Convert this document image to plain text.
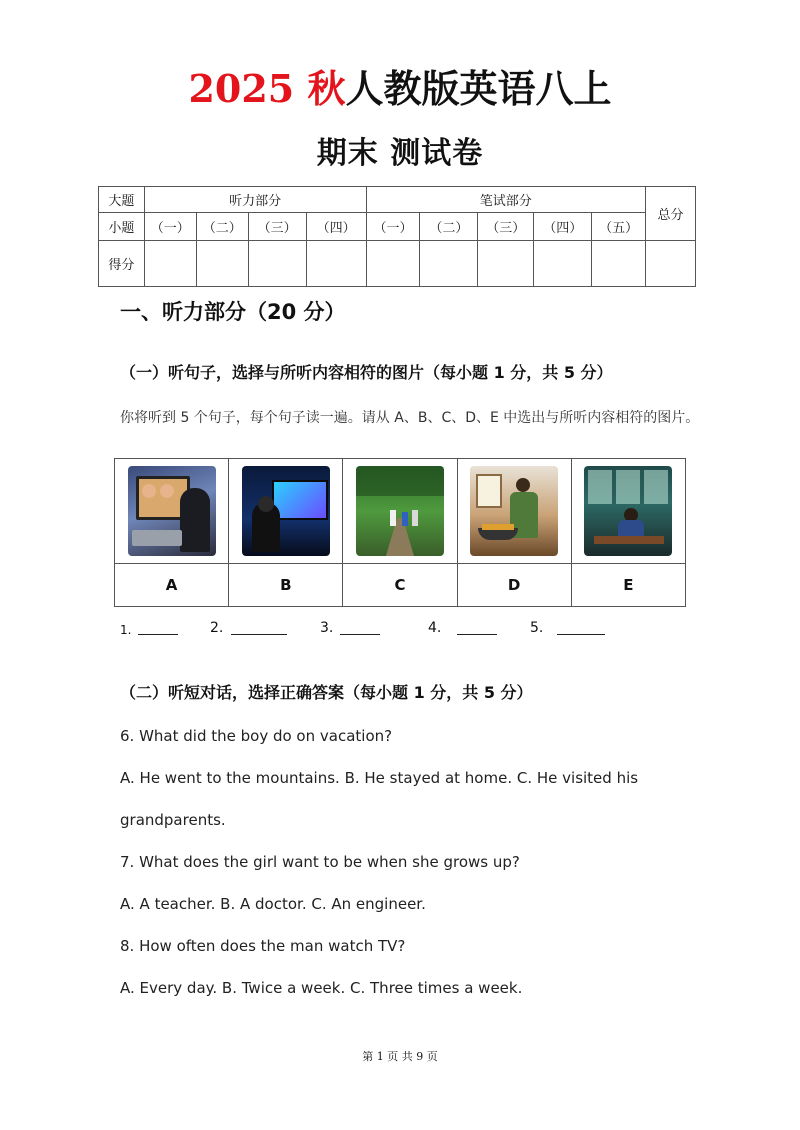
2025 秋人教版英语八上
期末 测试卷
大题	听力部分				笔试部分					总分
小题	（一）	（二）	（三）	（四）	（一）	（二）	（三）	（四）	（五）	
得分										
一、听力部分（20 分）
（一）听句子，选择与所听内容相符的图片（每小题 1 分，共 5 分）
你将听到 5 个句子，每个句子读一遍。请从 A、B、C、D、E 中选出与所听内容相符的图片。

A	B	C	D	E
1.	2.	3.	4.	5.
（二）听短对话，选择正确答案（每小题 1 分，共 5 分）
6. What did the boy do on vacation?
A. He went to the mountains. B. He stayed at home. C. He visited his
grandparents.
7. What does the girl want to be when she grows up?
A. A teacher. B. A doctor. C. An engineer.
8. How often does the man watch TV?
A. Every day. B. Twice a week. C. Three times a week.
第 1 页 共 9 页
